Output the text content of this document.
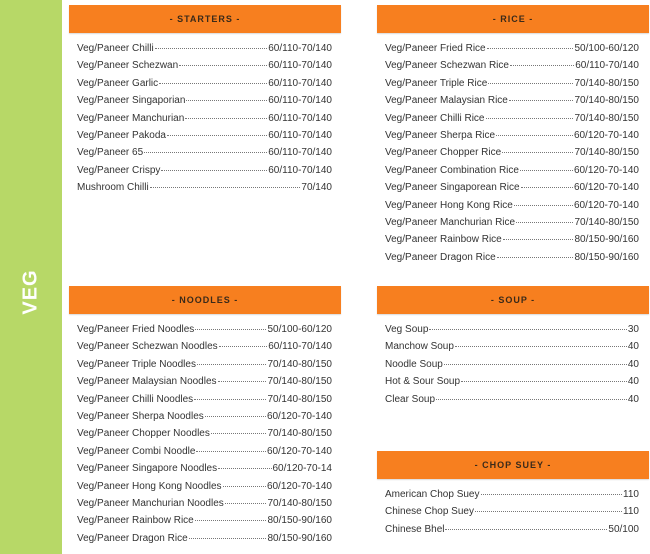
VEG
- STARTERS -
Veg/Paneer Chilli	60/110-70/140
Veg/Paneer Schezwan	60/110-70/140
Veg/Paneer Garlic	60/110-70/140
Veg/Paneer Singaporian	60/110-70/140
Veg/Paneer Manchurian	60/110-70/140
Veg/Paneer Pakoda	60/110-70/140
Veg/Paneer 65	60/110-70/140
Veg/Paneer Crispy	60/110-70/140
Mushroom Chilli	70/140
- RICE -
Veg/Paneer Fried Rice	50/100-60/120
Veg/Paneer Schezwan Rice	60/110-70/140
Veg/Paneer Triple Rice	70/140-80/150
Veg/Paneer Malaysian Rice	70/140-80/150
Veg/Paneer Chilli Rice	70/140-80/150
Veg/Paneer Sherpa Rice	60/120-70-140
Veg/Paneer Chopper Rice	70/140-80/150
Veg/Paneer Combination Rice	60/120-70-140
Veg/Paneer Singaporean Rice	60/120-70-140
Veg/Paneer Hong Kong Rice	60/120-70-140
Veg/Paneer Manchurian Rice	70/140-80/150
Veg/Paneer Rainbow Rice	80/150-90/160
Veg/Paneer Dragon Rice	80/150-90/160
- NOODLES -
Veg/Paneer Fried Noodles	50/100-60/120
Veg/Paneer Schezwan Noodles	60/110-70/140
Veg/Paneer Triple Noodles	70/140-80/150
Veg/Paneer Malaysian Noodles	70/140-80/150
Veg/Paneer Chilli Noodles	70/140-80/150
Veg/Paneer Sherpa Noodles	60/120-70-140
Veg/Paneer Chopper Noodles	70/140-80/150
Veg/Paneer Combi Noodle	60/120-70-140
Veg/Paneer Singapore Noodles	60/120-70-14
Veg/Paneer Hong Kong Noodles	60/120-70-140
Veg/Paneer Manchurian Noodles	70/140-80/150
Veg/Paneer Rainbow Rice	80/150-90/160
Veg/Paneer Dragon Rice	80/150-90/160
- SOUP -
Veg Soup	30
Manchow Soup	40
Noodle Soup	40
Hot & Sour Soup	40
Clear Soup	40
- CHOP SUEY -
American Chop Suey	110
Chinese Chop Suey	110
Chinese Bhel	50/100
